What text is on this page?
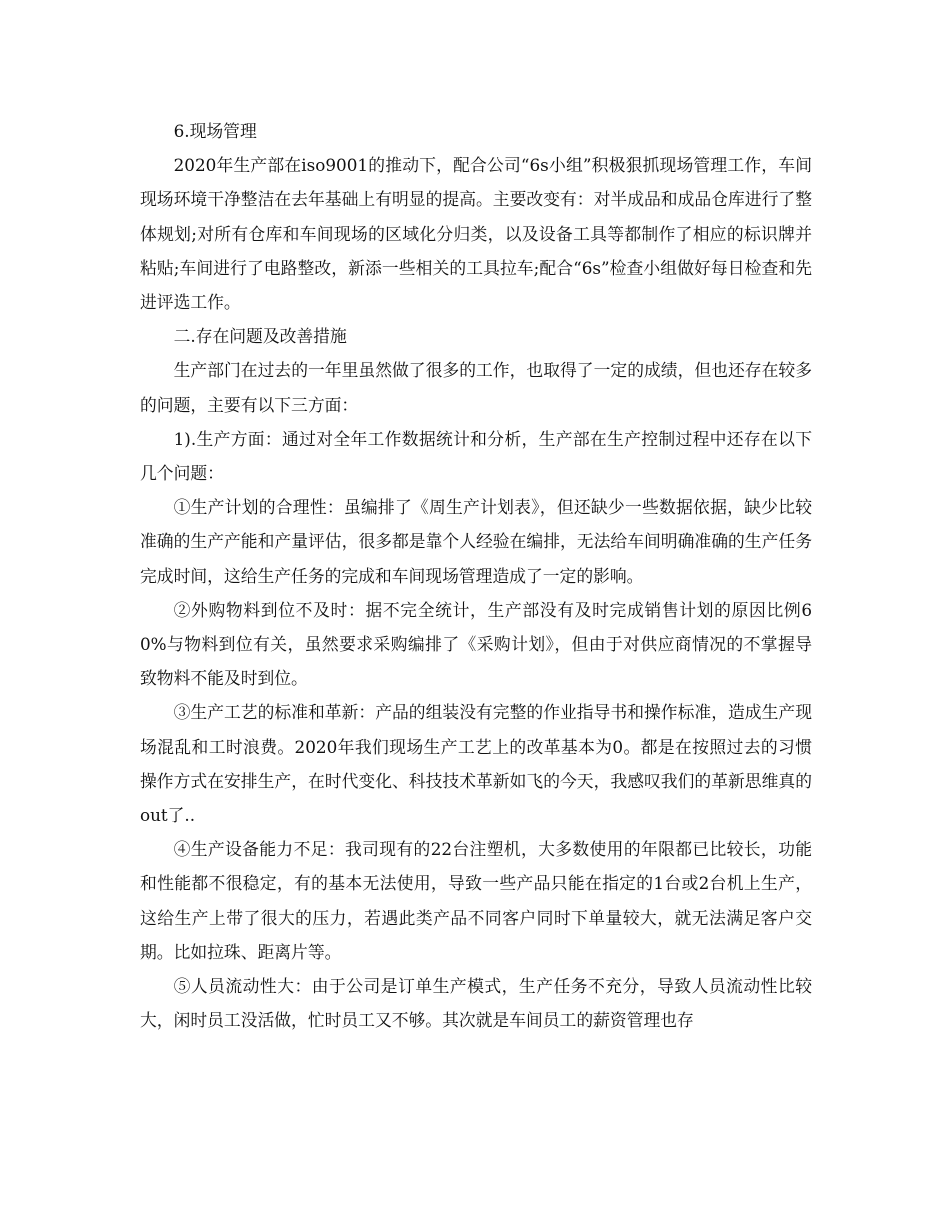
6.现场管理

2020年生产部在iso9001的推动下，配合公司“6s小组”积极狠抓现场管理工作，车间现场环境干净整洁在去年基础上有明显的提高。主要改变有：对半成品和成品仓库进行了整体规划;对所有仓库和车间现场的区域化分归类，以及设备工具等都制作了相应的标识牌并粘贴;车间进行了电路整改，新添一些相关的工具拉车;配合“6s”检查小组做好每日检查和先进评选工作。

二.存在问题及改善措施

生产部门在过去的一年里虽然做了很多的工作，也取得了一定的成绩，但也还存在较多的问题，主要有以下三方面：

1).生产方面：通过对全年工作数据统计和分析，生产部在生产控制过程中还存在以下几个问题：

①生产计划的合理性：虽编排了《周生产计划表》，但还缺少一些数据依据，缺少比较准确的生产产能和产量评估，很多都是靠个人经验在编排，无法给车间明确准确的生产任务完成时间，这给生产任务的完成和车间现场管理造成了一定的影响。

②外购物料到位不及时：据不完全统计，生产部没有及时完成销售计划的原因比例60%与物料到位有关，虽然要求采购编排了《采购计划》，但由于对供应商情况的不掌握导致物料不能及时到位。

③生产工艺的标准和革新：产品的组装没有完整的作业指导书和操作标准，造成生产现场混乱和工时浪费。2020年我们现场生产工艺上的改革基本为0。都是在按照过去的习惯操作方式在安排生产，在时代变化、科技技术革新如飞的今天，我感叹我们的革新思维真的out了..

④生产设备能力不足：我司现有的22台注塑机，大多数使用的年限都已比较长，功能和性能都不很稳定，有的基本无法使用，导致一些产品只能在指定的1台或2台机上生产，这给生产上带了很大的压力，若遇此类产品不同客户同时下单量较大，就无法满足客户交期。比如拉珠、距离片等。

⑤人员流动性大：由于公司是订单生产模式，生产任务不充分，导致人员流动性比较大，闲时员工没活做，忙时员工又不够。其次就是车间员工的薪资管理也存
